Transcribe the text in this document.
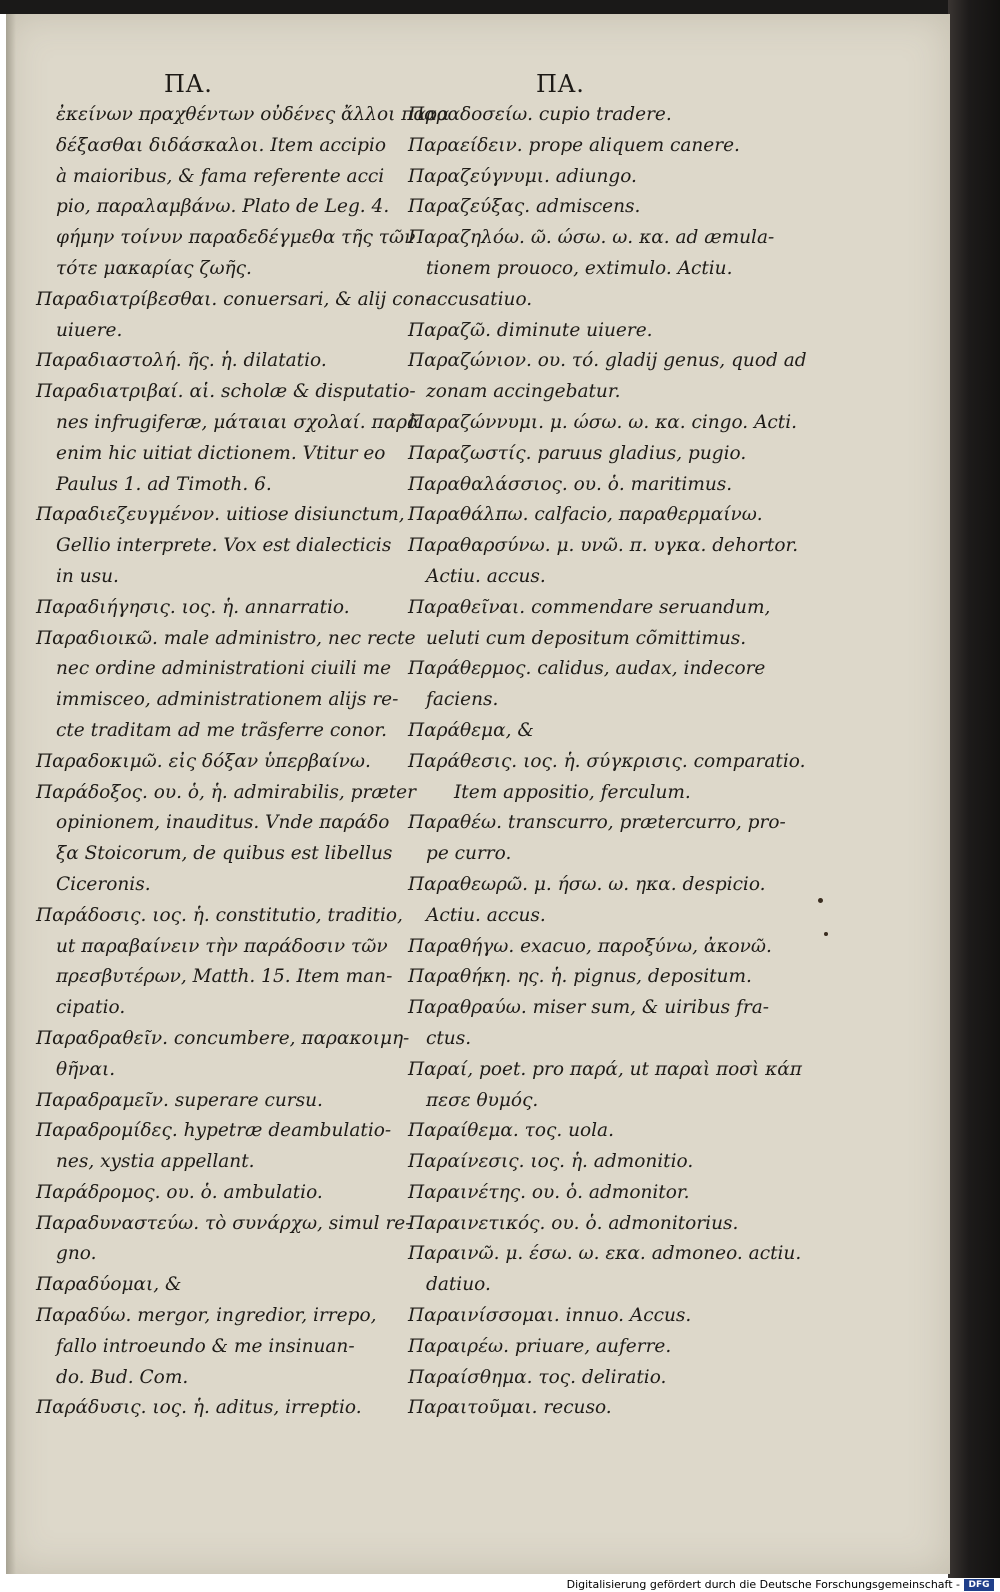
ΠΑ.	ΠΑ.
ἐκείνων πραχθέντων οὐδένες ἄλλοι παρα
δέξασθαι διδάσκαλοι. Item accipio
à maioribus, & fama referente acci
pio, παραλαμβάνω. Plato de Leg. 4.
φήμην τοίνυν παραδεδέγμεθα τῆς τῶν
τότε μακαρίας ζωῆς.
Παραδιατρίβεσθαι. conuersari, & alij con-
uiuere.
Παραδιαστολή. ῆς. ἡ. dilatatio.
Παραδιατριβαί. αἱ. scholæ & disputatio-
nes infrugiferæ, μάταιαι σχολαί. παρὰ
enim hic uitiat dictionem. Vtitur eo
Paulus 1. ad Timoth. 6.
Παραδιεζευγμένον. uitiose disiunctum,
Gellio interprete. Vox est dialecticis
in usu.
Παραδιήγησις. ιος. ἡ. annarratio.
Παραδιοικῶ. male administro, nec recte
nec ordine administrationi ciuili me
immisceo, administrationem alijs re-
cte traditam ad me trãsferre conor.
Παραδοκιμῶ. εἰς δόξαν ὑπερβαίνω.
Παράδοξος. ου. ὁ, ἡ. admirabilis, præter
opinionem, inauditus. Vnde παράδο
ξα Stoicorum, de quibus est libellus
Ciceronis.
Παράδοσις. ιος. ἡ. constitutio, traditio,
ut παραβαίνειν τὴν παράδοσιν τῶν
πρεσβυτέρων, Matth. 15. Item man-
cipatio.
Παραδραθεῖν. concumbere, παρακοιμη-
θῆναι.
Παραδραμεῖν. superare cursu.
Παραδρομίδες. hypetræ deambulatio-
nes, xystia appellant.
Παράδρομος. ου. ὁ. ambulatio.
Παραδυναστεύω. τὸ συνάρχω, simul re-
gno.
Παραδύομαι, &
Παραδύω. mergor, ingredior, irrepo,
fallo introeundo & me insinuan-
do. Bud. Com.
Παράδυσις. ιος. ἡ. aditus, irreptio.
Παραδοσείω. cupio tradere.
Παραείδειν. prope aliquem canere.
Παραζεύγνυμι. adiungo.
Παραζεύξας. admiscens.
Παραζηλόω. ῶ. ώσω. ω. κα. ad æmula-
tionem prouoco, extimulo. Actiu.
accusatiuo.
Παραζῶ. diminute uiuere.
Παραζώνιον. ου. τό. gladij genus, quod ad
zonam accingebatur.
Παραζώννυμι. μ. ώσω. ω. κα. cingo. Acti.
Παραζωστίς. paruus gladius, pugio.
Παραθαλάσσιος. ου. ὁ. maritimus.
Παραθάλπω. calfacio, παραθερμαίνω.
Παραθαρσύνω. μ. υνῶ. π. υγκα. dehortor.
Actiu. accus.
Παραθεῖναι. commendare seruandum,
ueluti cum depositum cõmittimus.
Παράθερμος. calidus, audax, indecore
faciens.
Παράθεμα, &
Παράθεσις. ιος. ἡ. σύγκρισις. comparatio.
Item appositio, ferculum.
Παραθέω. transcurro, prætercurro, pro-
pe curro.
Παραθεωρῶ. μ. ήσω. ω. ηκα. despicio.
Actiu. accus.
Παραθήγω. exacuo, παροξύνω, ἀκονῶ.
Παραθήκη. ης. ἡ. pignus, depositum.
Παραθραύω. miser sum, & uiribus fra-
ctus.
Παραί, poet. pro παρά, ut παραὶ ποσὶ κάπ
πεσε θυμός.
Παραίθεμα. τος. uola.
Παραίνεσις. ιος. ἡ. admonitio.
Παραινέτης. ου. ὁ. admonitor.
Παραινετικός. ου. ὁ. admonitorius.
Παραινῶ. μ. έσω. ω. εκα. admoneo. actiu.
datiuo.
Παραινίσσομαι. innuo. Accus.
Παραιρέω. priuare, auferre.
Παραίσθημα. τος. deliratio.
Παραιτοῦμαι. recuso.
Digitalisierung gefördert durch die Deutsche Forschungsgemeinschaft - DFG
